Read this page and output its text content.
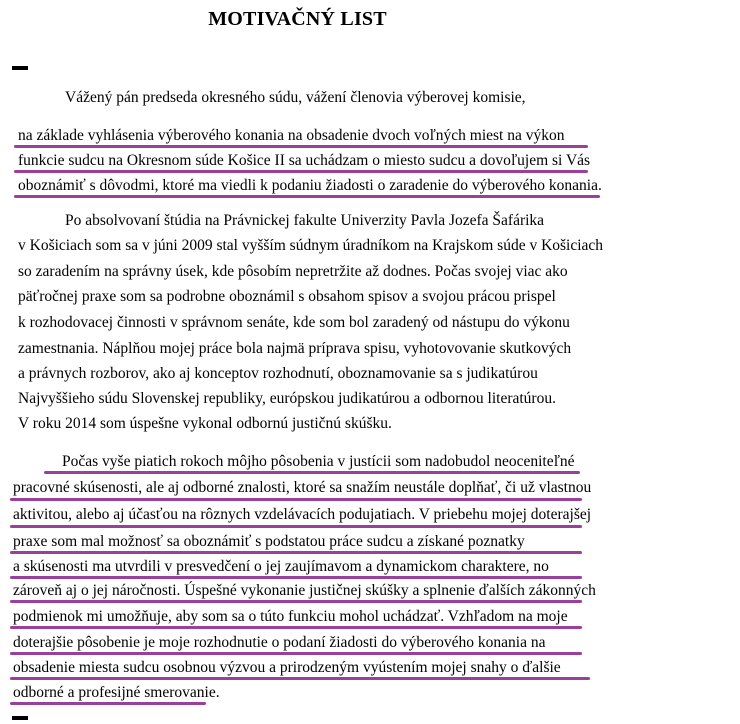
MOTIVAČNÝ LIST
Vážený pán predseda okresného súdu, vážení členovia výberovej komisie,
na základe vyhlásenia výberového konania na obsadenie dvoch voľných miest na výkon
funkcie sudcu na Okresnom súde Košice II sa uchádzam o miesto sudcu a dovoľujem si Vás
oboznámiť s dôvodmi, ktoré ma viedli k podaniu žiadosti o zaradenie do výberového konania.
Po absolvovaní štúdia na Právnickej fakulte Univerzity Pavla Jozefa Šafárika
v Košiciach som sa v júni 2009 stal vyšším súdnym úradníkom na Krajskom súde v Košiciach
so zaradením na správny úsek, kde pôsobím nepretržite až dodnes. Počas svojej viac ako
päťročnej praxe som sa podrobne oboznámil s obsahom spisov a svojou prácou prispel
k rozhodovacej činnosti v správnom senáte, kde som bol zaradený od nástupu do výkonu
zamestnania. Náplňou mojej práce bola najmä príprava spisu, vyhotovovanie skutkových
a právnych rozborov, ako aj konceptov rozhodnutí, oboznamovanie sa s judikatúrou
Najvyššieho súdu Slovenskej republiky, európskou judikatúrou a odbornou literatúrou.
V roku 2014 som úspešne vykonal odbornú justičnú skúšku.
Počas vyše piatich rokoch môjho pôsobenia v justícii som nadobudol neoceniteľné
pracovné skúsenosti, ale aj odborné znalosti, ktoré sa snažím neustále doplňať, či už vlastnou
aktivitou, alebo aj účasťou na rôznych vzdelávacích podujatiach. V priebehu mojej doterajšej
praxe som mal možnosť sa oboznámiť s podstatou práce sudcu a získané poznatky
a skúsenosti ma utvrdili v presvedčení o jej zaujímavom a dynamickom charaktere, no
zároveň aj o jej náročnosti. Úspešné vykonanie justičnej skúšky a splnenie ďalších zákonných
podmienok mi umožňuje, aby som sa o túto funkciu mohol uchádzať. Vzhľadom na moje
doterajšie pôsobenie je moje rozhodnutie o podaní žiadosti do výberového konania na
obsadenie miesta sudcu osobnou výzvou a prirodzeným vyústením mojej snahy o ďalšie
odborné a profesijné smerovanie.
